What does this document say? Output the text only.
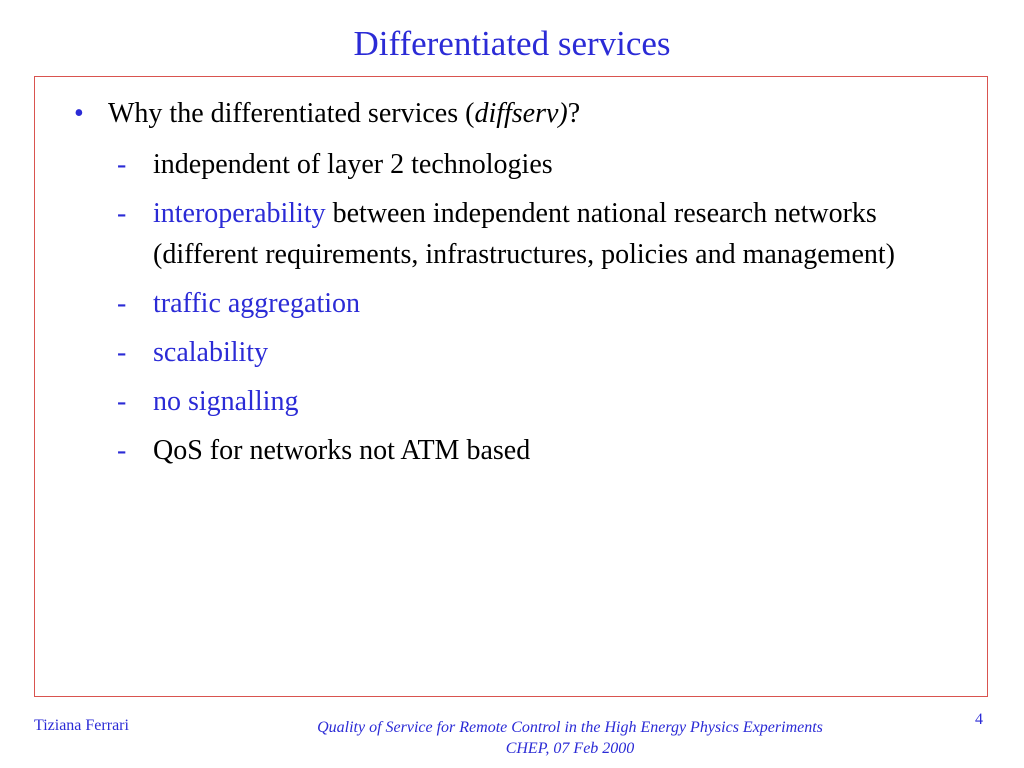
Differentiated services
• Why the differentiated services (diffserv)?
- independent of layer 2 technologies
- interoperability between independent national research networks (different requirements, infrastructures, policies and management)
- traffic aggregation
- scalability
- no signalling
- QoS for networks not ATM based
Tiziana Ferrari	Quality of Service for Remote Control in the High Energy Physics Experiments
CHEP, 07 Feb 2000
4
